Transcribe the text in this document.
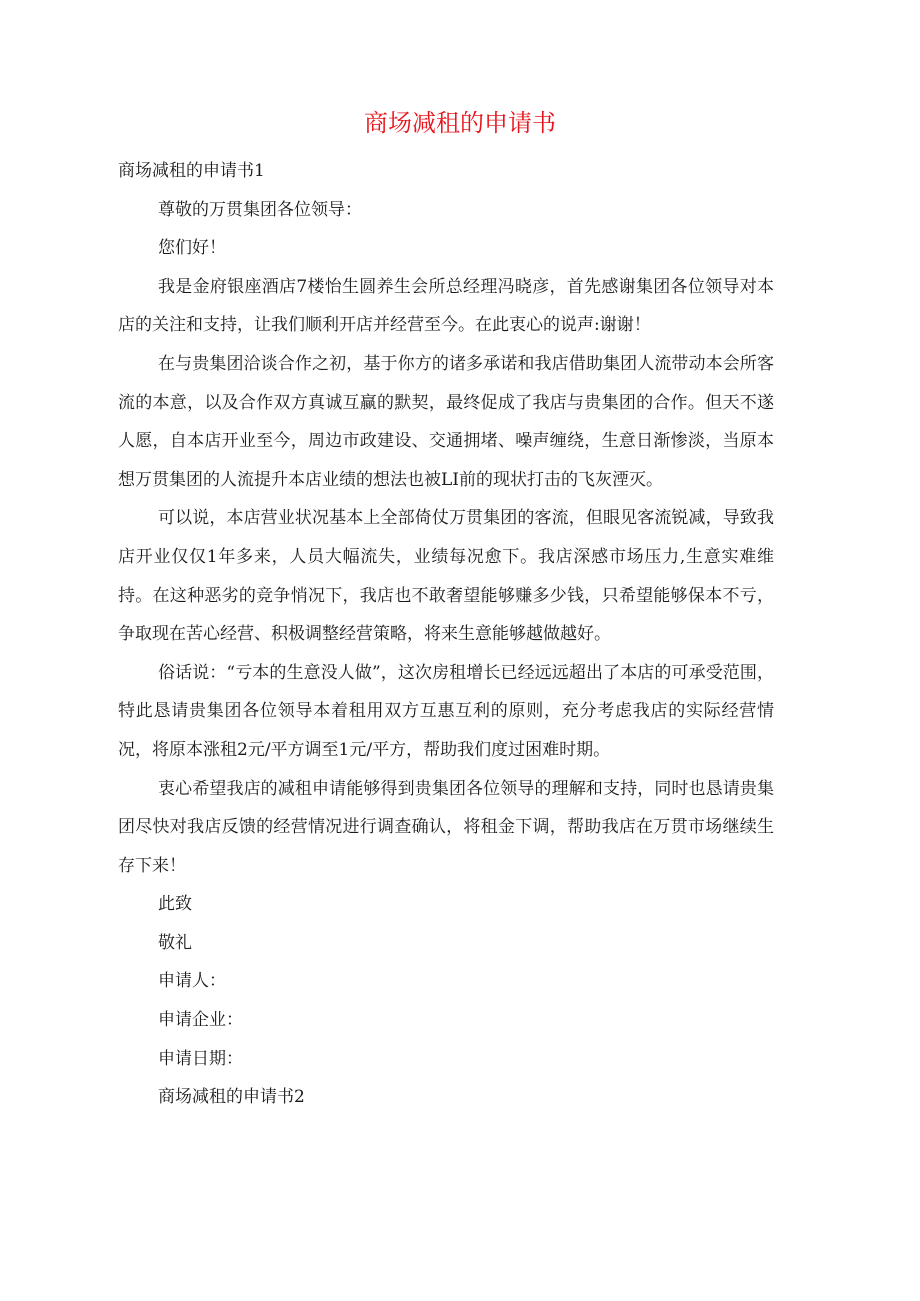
商场减租的申请书

商场减租的申请书1

尊敬的万贯集团各位领导：

您们好！

我是金府银座酒店7楼怡生圆养生会所总经理冯晓彦，首先感谢集团各位领导对本店的关注和支持，让我们顺利开店并经营至今。在此衷心的说声:谢谢！

在与贵集团洽谈合作之初，基于你方的诸多承诺和我店借助集团人流带动本会所客流的本意，以及合作双方真诚互赢的默契，最终促成了我店与贵集团的合作。但天不遂人愿，自本店开业至今，周边市政建设、交通拥堵、噪声缠绕，生意日渐惨淡，当原本想万贯集团的人流提升本店业绩的想法也被LI前的现状打击的飞灰湮灭。

可以说，本店营业状况基本上全部倚仗万贯集团的客流，但眼见客流锐减，导致我店开业仅仅1年多来，人员大幅流失，业绩每况愈下。我店深感市场压力,生意实难维持。在这种恶劣的竞争悄况下，我店也不敢奢望能够赚多少钱，只希望能够保本不亏，争取现在苦心经营、积极调整经营策略，将来生意能够越做越好。

俗话说：“亏本的生意没人做”，这次房租增长已经远远超出了本店的可承受范围，特此恳请贵集团各位领导本着租用双方互惠互利的原则，充分考虑我店的实际经营情况，将原本涨租2元/平方调至1元/平方，帮助我们度过困难时期。

衷心希望我店的减租申请能够得到贵集团各位领导的理解和支持，同时也恳请贵集团尽快对我店反馈的经营情况进行调查确认，将租金下调，帮助我店在万贯市场继续生存下来！

此致

敬礼

申请人：

申请企业：

申请日期：

商场减租的申请书2
